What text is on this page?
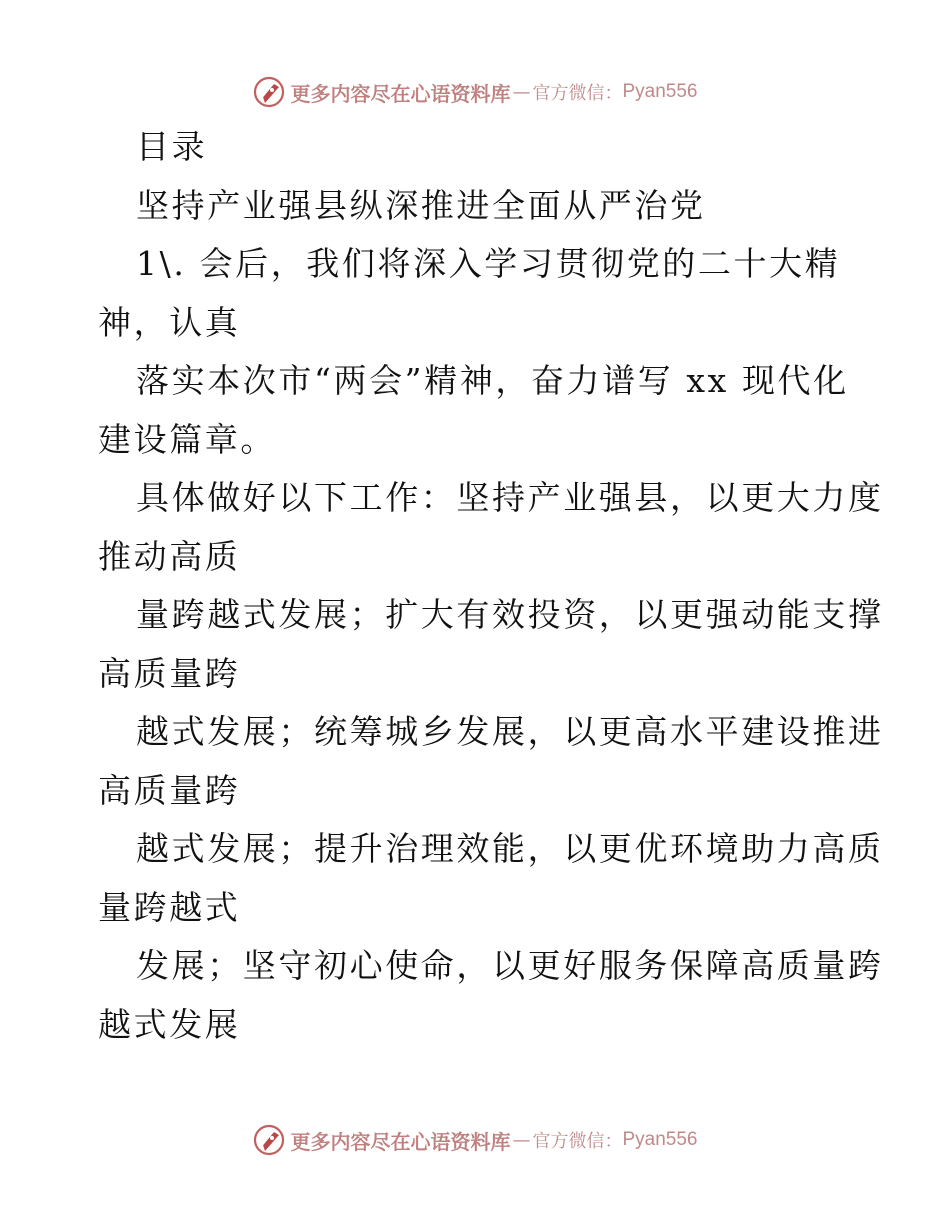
更多内容尽在心语资料库 — 官方微信： Pyan556
目录
坚持产业强县纵深推进全面从严治党
1\. 会后，我们将深入学习贯彻党的二十大精
神，认真
落实本次市“两会”精神，奋力谱写 xx 现代化
建设篇章。
具体做好以下工作：坚持产业强县，以更大力度
推动高质
量跨越式发展；扩大有效投资，以更强动能支撑
高质量跨
越式发展；统筹城乡发展，以更高水平建设推进
高质量跨
越式发展；提升治理效能，以更优环境助力高质
量跨越式
发展；坚守初心使命，以更好服务保障高质量跨
越式发展
更多内容尽在心语资料库 — 官方微信： Pyan556
